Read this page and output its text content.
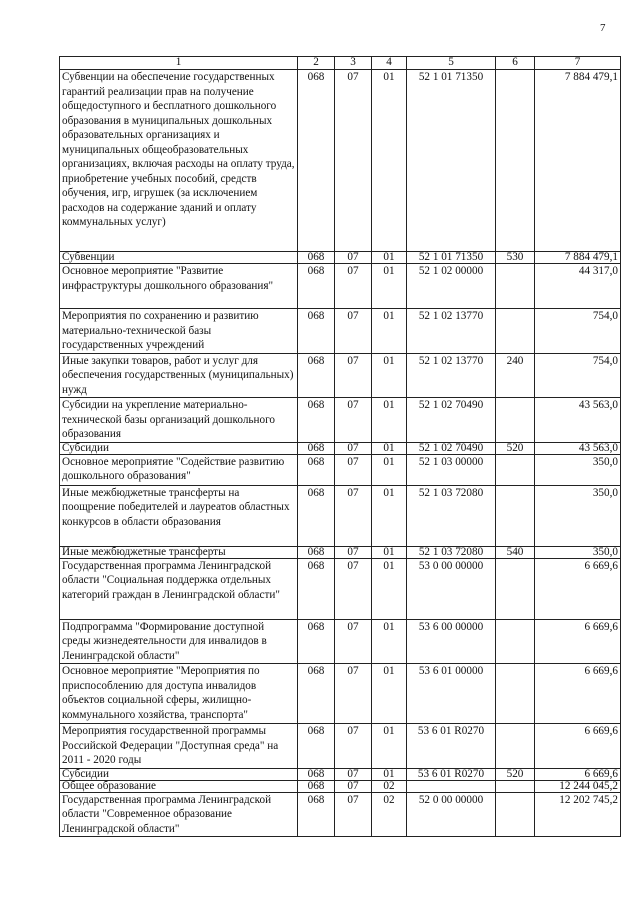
7
1	2	3	4	5	6	7
Субвенции на обеспечение государственных гарантий реализации прав на получение общедоступного и бесплатного дошкольного образования в муниципальных дошкольных образовательных организациях и муниципальных общеобразовательных организациях, включая расходы на оплату труда, приобретение учебных пособий, средств обучения, игр, игрушек (за исключением расходов на содержание зданий и оплату коммунальных услуг)	068	07	01	52 1 01 71350		7 884 479,1
Субвенции	068	07	01	52 1 01 71350	530	7 884 479,1
Основное мероприятие "Развитие инфраструктуры дошкольного образования"	068	07	01	52 1 02 00000		44 317,0
Мероприятия по сохранению и развитию материально-технической базы государственных учреждений	068	07	01	52 1 02 13770		754,0
Иные закупки товаров, работ и услуг для обеспечения государственных (муниципальных) нужд	068	07	01	52 1 02 13770	240	754,0
Субсидии на укрепление материально-технической базы организаций дошкольного образования	068	07	01	52 1 02 70490		43 563,0
Субсидии	068	07	01	52 1 02 70490	520	43 563,0
Основное мероприятие "Содействие развитию дошкольного образования"	068	07	01	52 1 03 00000		350,0
Иные межбюджетные трансферты на поощрение победителей и лауреатов областных конкурсов в области образования	068	07	01	52 1 03 72080		350,0
Иные межбюджетные трансферты	068	07	01	52 1 03 72080	540	350,0
Государственная программа Ленинградской области "Социальная поддержка отдельных категорий граждан в Ленинградской области"	068	07	01	53 0 00 00000		6 669,6
Подпрограмма "Формирование доступной среды жизнедеятельности для инвалидов в Ленинградской области"	068	07	01	53 6 00 00000		6 669,6
Основное мероприятие "Мероприятия по приспособлению для доступа инвалидов объектов социальной сферы, жилищно-коммунального хозяйства, транспорта"	068	07	01	53 6 01 00000		6 669,6
Мероприятия государственной программы Российской Федерации "Доступная среда" на 2011 - 2020 годы	068	07	01	53 6 01 R0270		6 669,6
Субсидии	068	07	01	53 6 01 R0270	520	6 669,6
Общее образование	068	07	02			12 244 045,2
Государственная программа Ленинградской области "Современное образование Ленинградской области"	068	07	02	52 0 00 00000		12 202 745,2
